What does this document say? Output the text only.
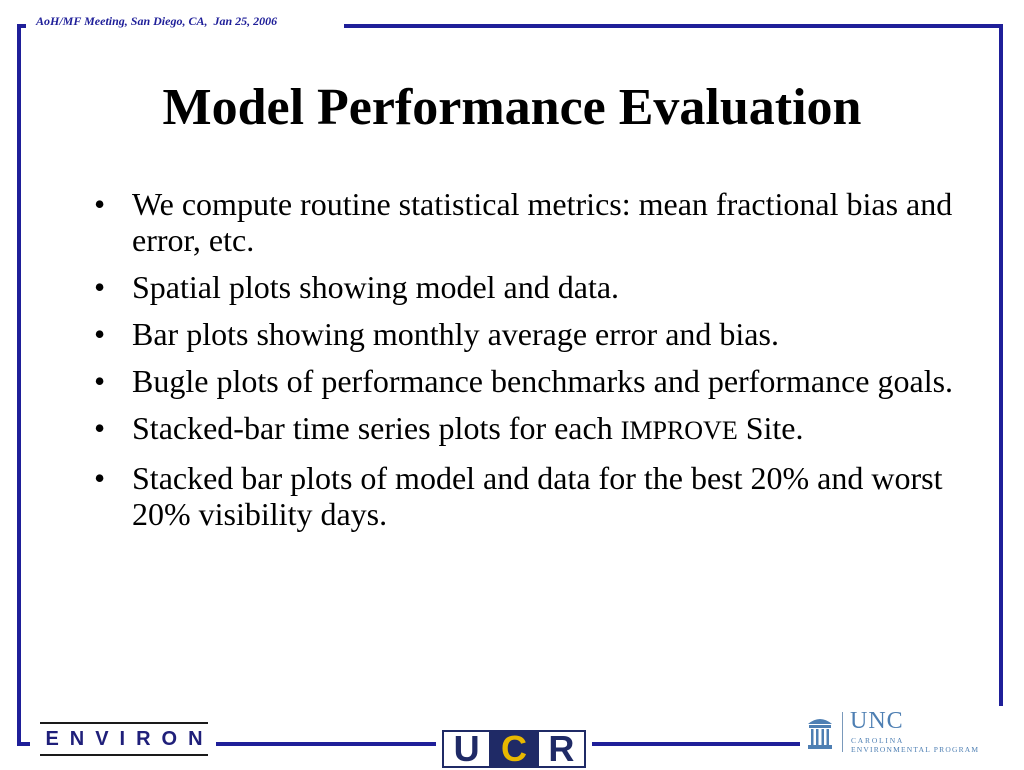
AoH/MF Meeting, San Diego, CA,  Jan 25, 2006
Model Performance Evaluation
• We compute routine statistical metrics: mean fractional bias and error, etc.
• Spatial plots showing model and data.
• Bar plots showing monthly average error and bias.
• Bugle plots of performance benchmarks and performance goals.
• Stacked-bar time series plots for each IMPROVE Site.
• Stacked bar plots of model and data for the best 20% and worst 20% visibility days.
ENVIRON	U C R
UNC
CAROLINA
ENVIRONMENTAL PROGRAM
